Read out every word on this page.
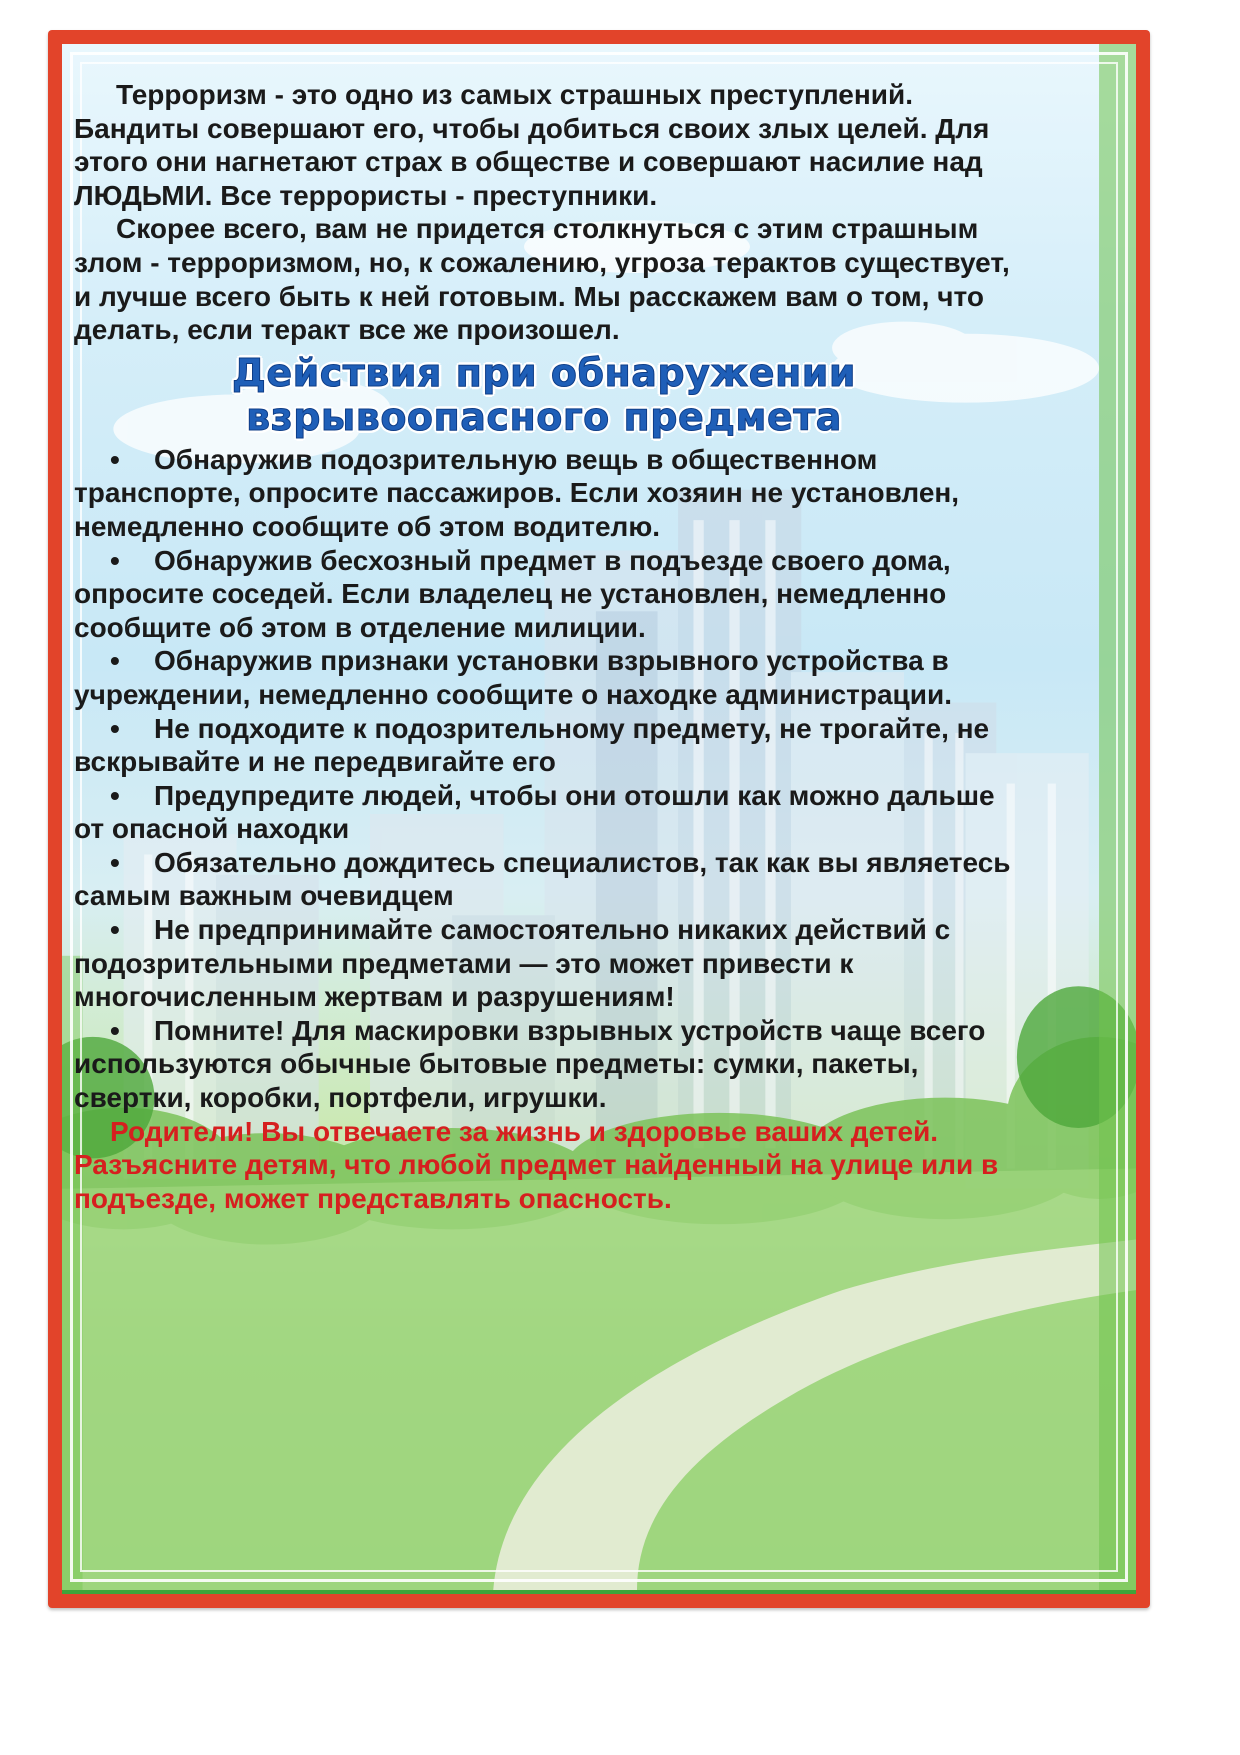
Терроризм - это одно из самых страшных преступлений. Бандиты совершают его, чтобы добиться своих злых целей. Для этого они нагнетают страх в обществе и совершают насилие над ЛЮДЬМИ. Все террористы - преступники.

Скорее всего, вам не придется столкнуться с этим страшным злом - терроризмом, но, к сожалению, угроза терактов существует, и лучше всего быть к ней готовым. Мы расскажем вам о том, что делать, если теракт все же произошел.

Действия при обнаружении
взрывоопасного предмета
• Обнаружив подозрительную вещь в общественном транспорте, опросите пассажиров. Если хозяин не установлен, немедленно сообщите об этом водителю.
• Обнаружив бесхозный предмет в подъезде своего дома, опросите соседей. Если владелец не установлен, немедленно сообщите об этом в отделение милиции.
• Обнаружив признаки установки взрывного устройства в учреждении, немедленно сообщите о находке администрации.
• Не подходите к подозрительному предмету, не трогайте, не вскрывайте и не передвигайте его
• Предупредите людей, чтобы они отошли как можно дальше от опасной находки
• Обязательно дождитесь специалистов, так как вы являетесь самым важным очевидцем
• Не предпринимайте самостоятельно никаких действий с подозрительными предметами — это может привести к многочисленным жертвам и разрушениям!
• Помните! Для маскировки взрывных устройств чаще всего используются обычные бытовые предметы: сумки, пакеты, свертки, коробки, портфели, игрушки.

Родители! Вы отвечаете за жизнь и здоровье ваших детей. Разъясните детям, что любой предмет найденный на улице или в подъезде, может представлять опасность.
